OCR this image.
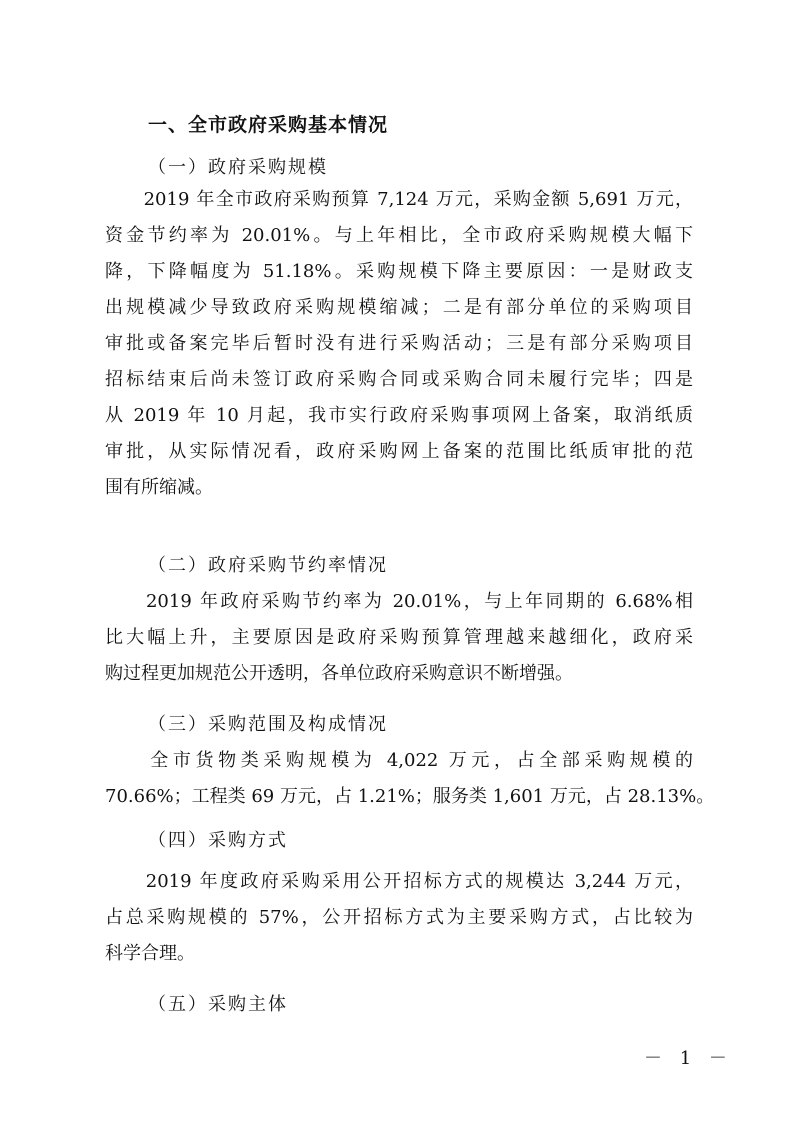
一、全市政府采购基本情况
（一）政府采购规模
　　2019 年全市政府采购预算 7,124 万元，采购金额 5,691 万元，
资金节约率为 20.01%。与上年相比，全市政府采购规模大幅下
降，下降幅度为 51.18%。采购规模下降主要原因：一是财政支
出规模减少导致政府采购规模缩减；二是有部分单位的采购项目
审批或备案完毕后暂时没有进行采购活动；三是有部分采购项目
招标结束后尚未签订政府采购合同或采购合同未履行完毕；四是
从 2019 年 10 月起，我市实行政府采购事项网上备案，取消纸质
审批，从实际情况看，政府采购网上备案的范围比纸质审批的范
围有所缩减。
（二）政府采购节约率情况
　　2019 年政府采购节约率为 20.01%，与上年同期的 6.68%相
比大幅上升，主要原因是政府采购预算管理越来越细化，政府采
购过程更加规范公开透明，各单位政府采购意识不断增强。
（三）采购范围及构成情况
　　全市货物类采购规模为 4,022 万元，占全部采购规模的
70.66%；工程类 69 万元，占 1.21%；服务类 1,601 万元，占 28.13%。
（四）采购方式
　　2019 年度政府采购采用公开招标方式的规模达 3,244 万元，
占总采购规模的 57%，公开招标方式为主要采购方式，占比较为
科学合理。
（五）采购主体
－ 1 －
